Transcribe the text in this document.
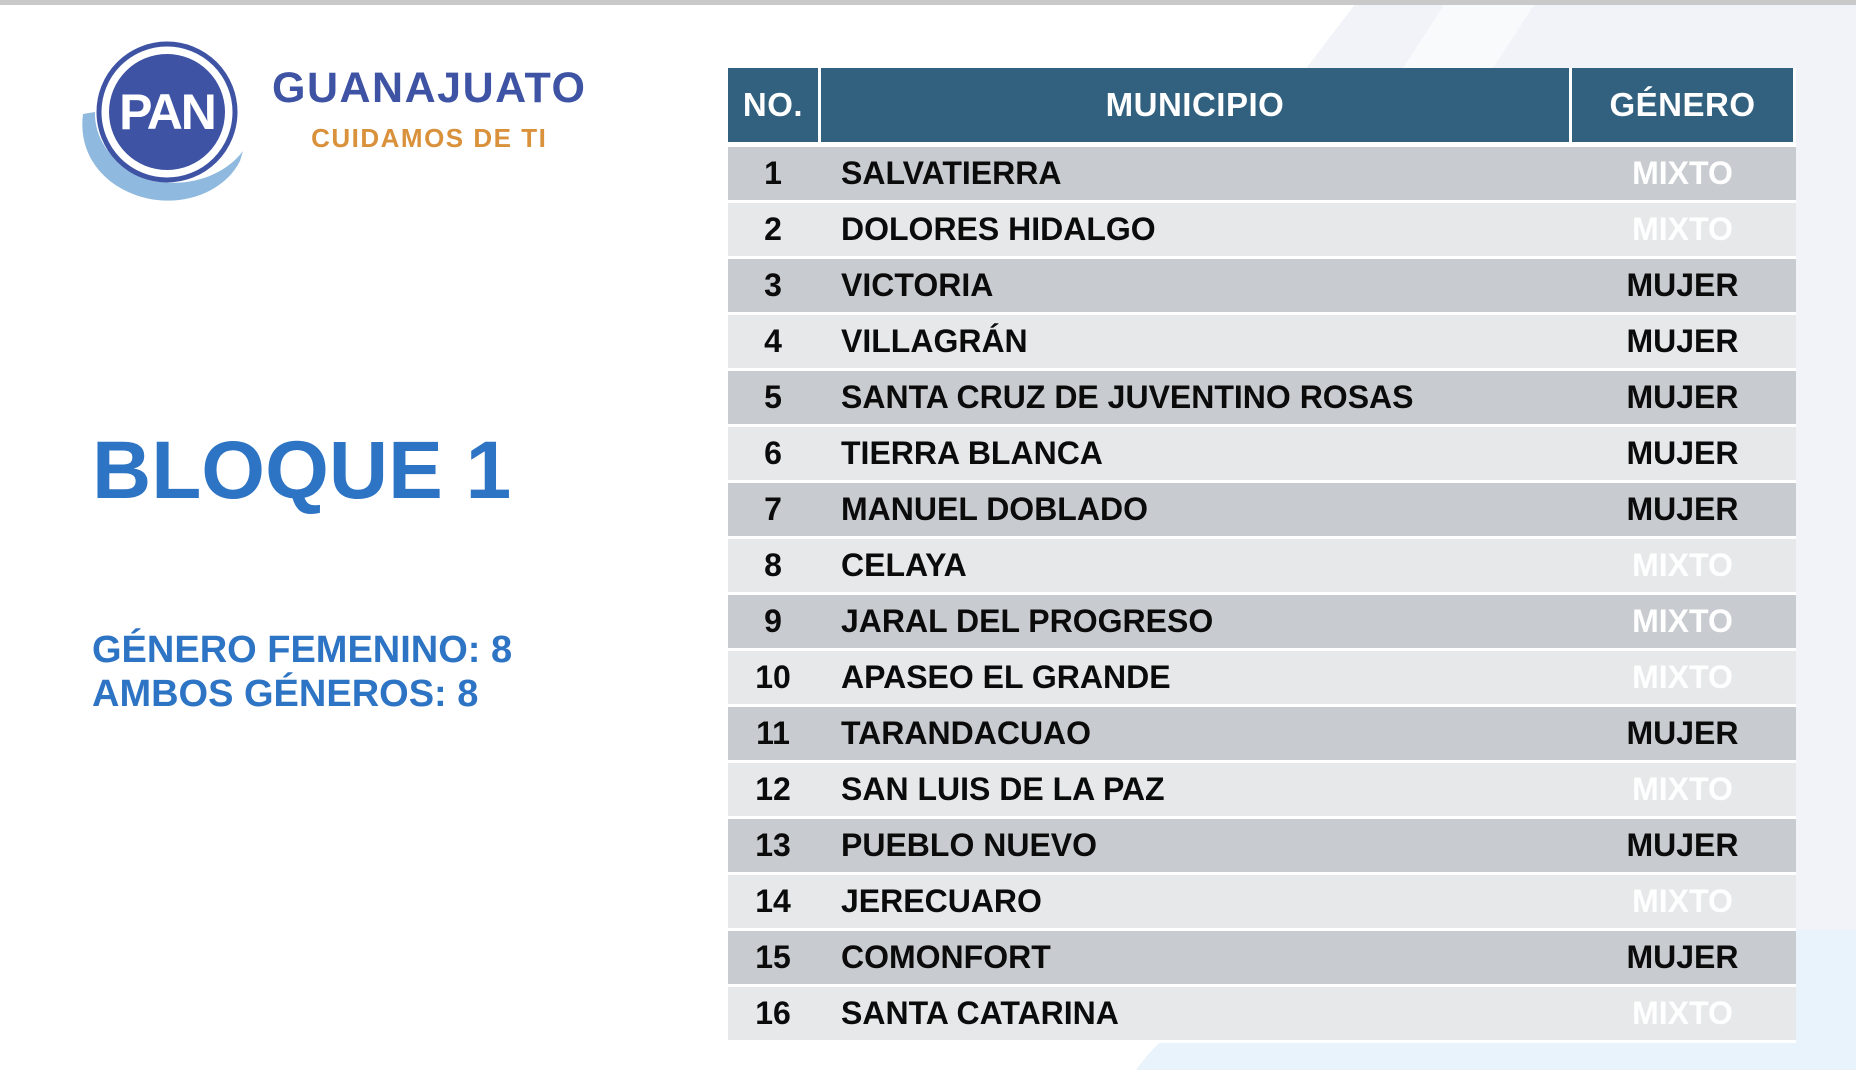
PAN GUANAJUATO
CUIDAMOS DE TI
BLOQUE 1
GÉNERO FEMENINO: 8
AMBOS GÉNEROS: 8
NO.	MUNICIPIO	GÉNERO
1	SALVATIERRA	MIXTO
2	DOLORES HIDALGO	MIXTO
3	VICTORIA	MUJER
4	VILLAGRÁN	MUJER
5	SANTA CRUZ DE JUVENTINO ROSAS	MUJER
6	TIERRA BLANCA	MUJER
7	MANUEL DOBLADO	MUJER
8	CELAYA	MIXTO
9	JARAL DEL PROGRESO	MIXTO
10	APASEO EL GRANDE	MIXTO
11	TARANDACUAO	MUJER
12	SAN LUIS DE LA PAZ	MIXTO
13	PUEBLO NUEVO	MUJER
14	JERECUARO	MIXTO
15	COMONFORT	MUJER
16	SANTA CATARINA	MIXTO
